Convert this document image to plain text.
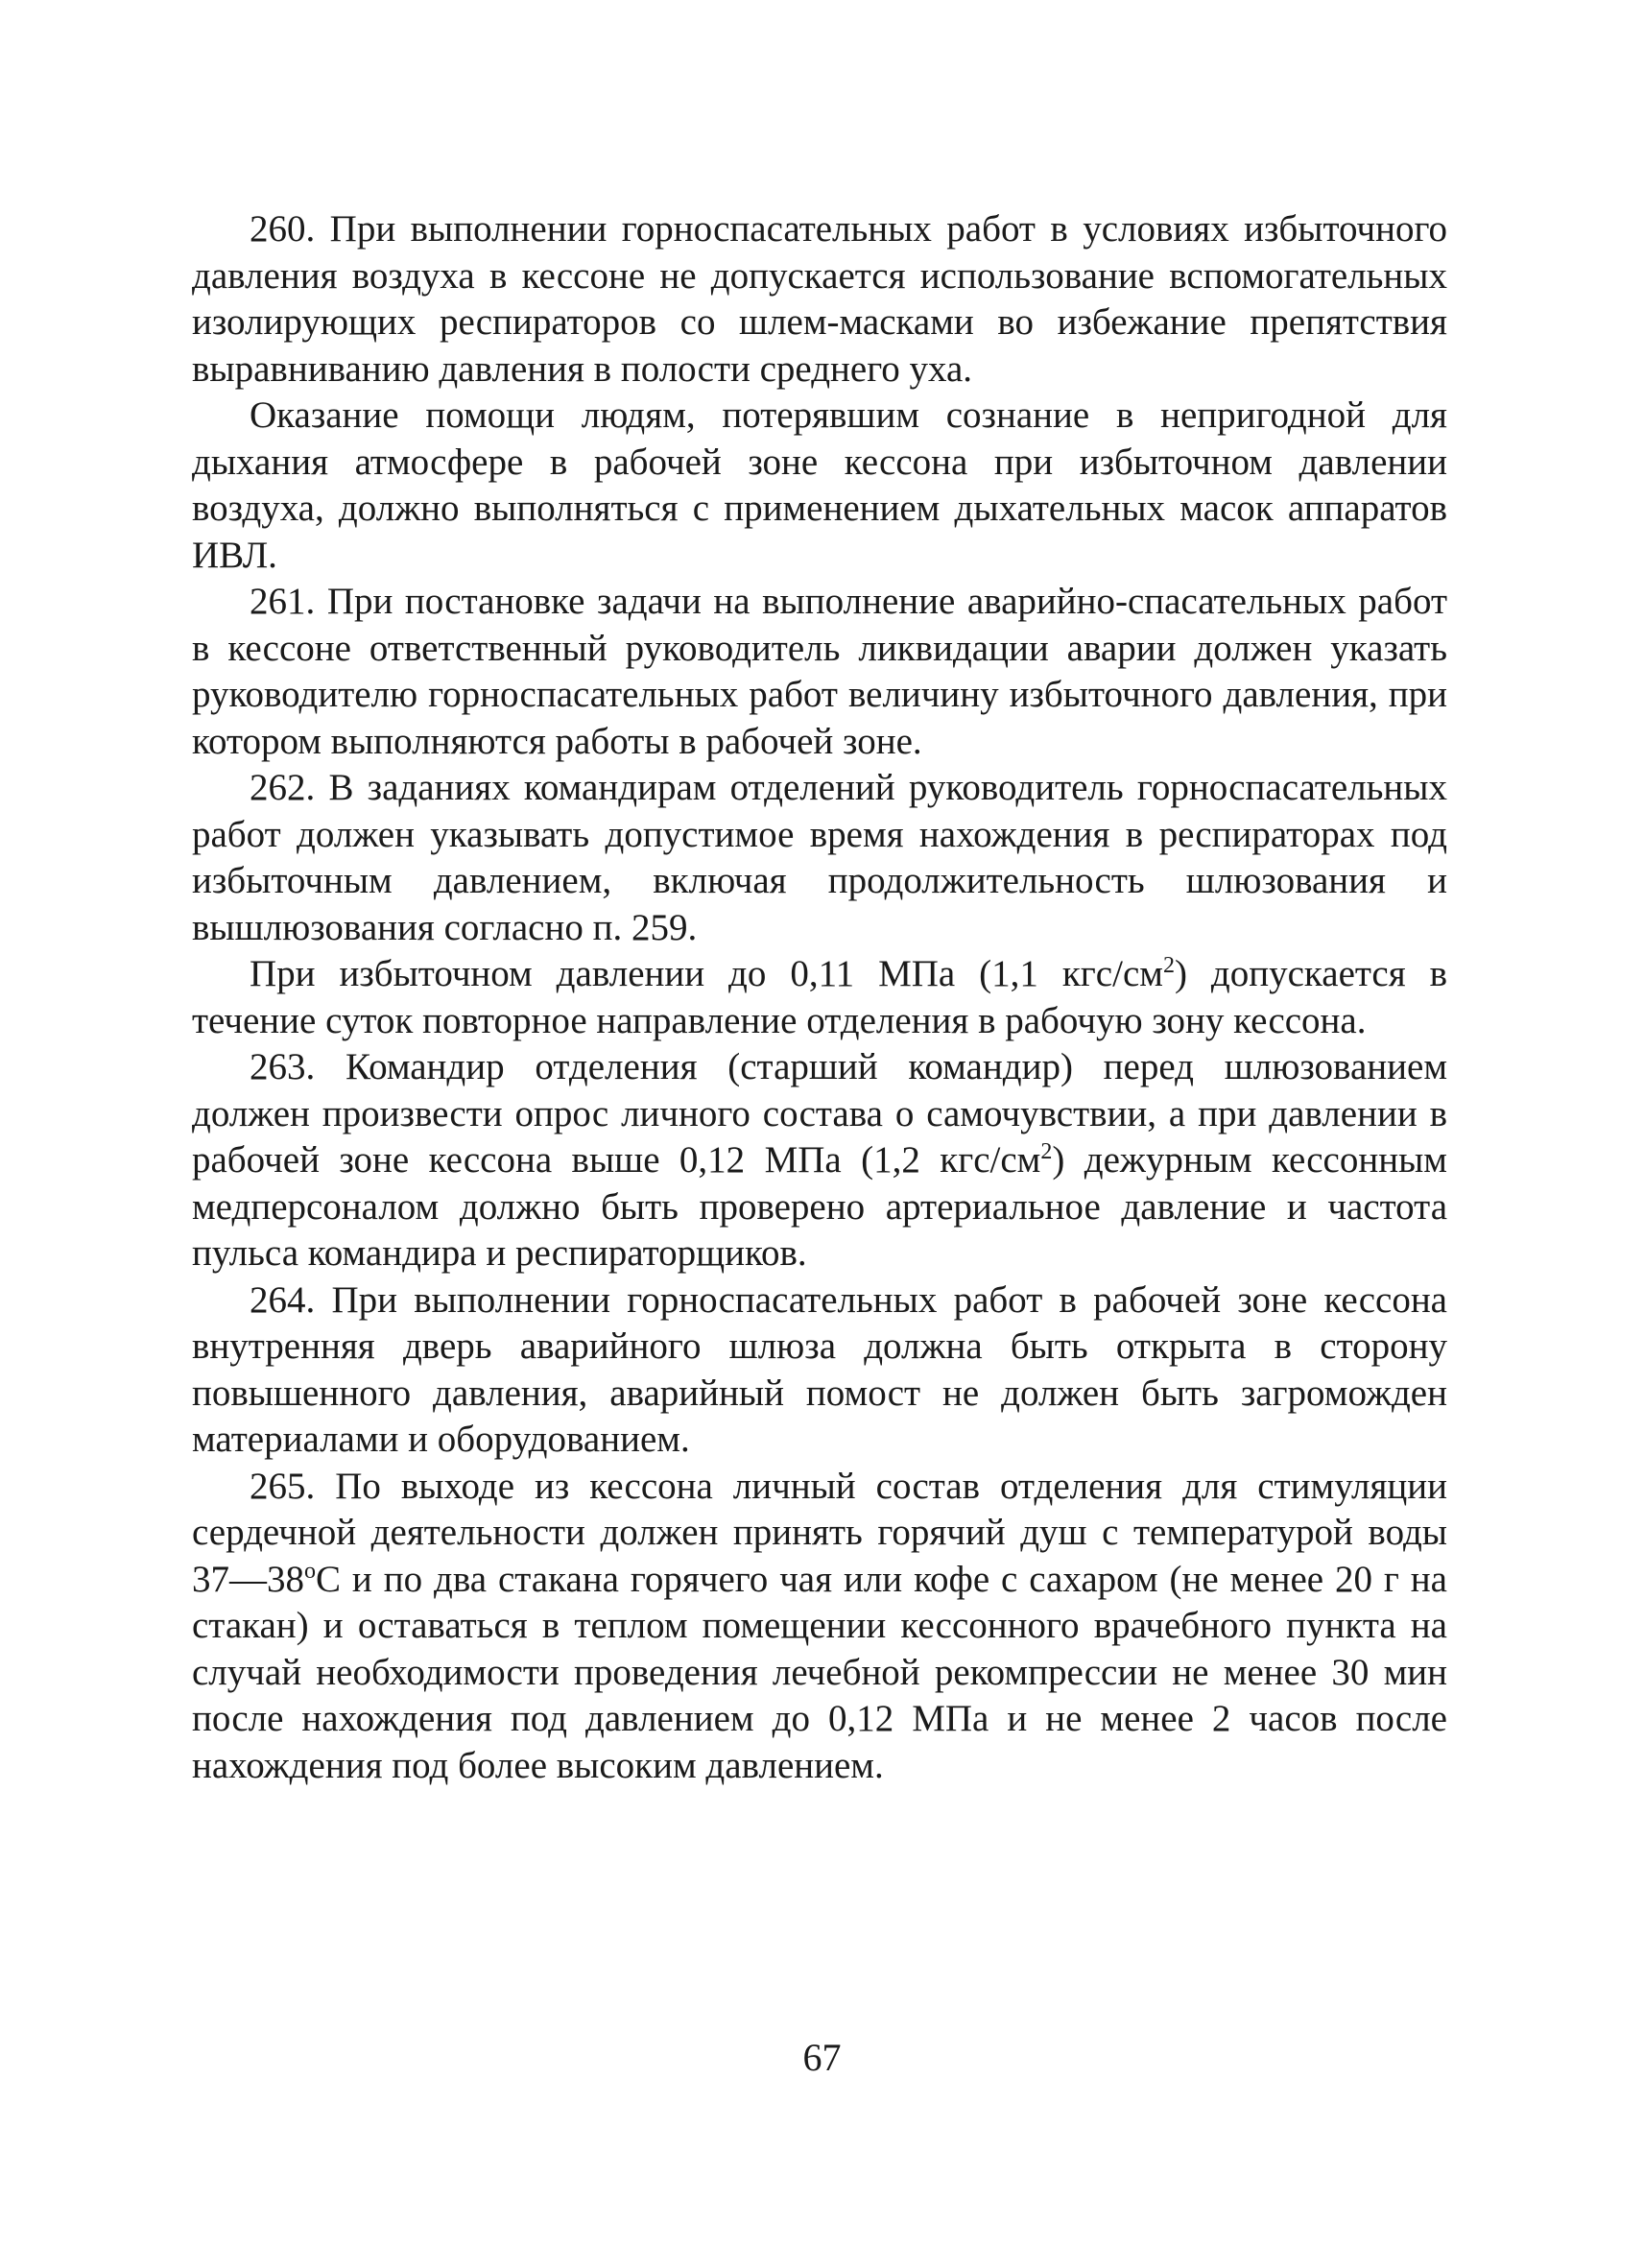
260. При выполнении горноспасательных работ в условиях избыточного давления воздуха в кессоне не допускается использование вспомогательных изолирующих респираторов со шлем-масками во избежание препятствия выравниванию давления в полости среднего уха.

Оказание помощи людям, потерявшим сознание в непригодной для дыхания атмосфере в рабочей зоне кессона при избыточном давлении воздуха, должно выполняться с применением дыхательных масок аппаратов ИВЛ.

261. При постановке задачи на выполнение аварийно-спасательных работ в кессоне ответственный руководитель ликвидации аварии должен указать руководителю горноспасательных работ величину избыточного давления, при котором выполняются работы в рабочей зоне.

262. В заданиях командирам отделений руководитель горноспасательных работ должен указывать допустимое время нахождения в респираторах под избыточным давлением, включая продолжительность шлюзования и вышлюзования согласно п. 259.

При избыточном давлении до 0,11 МПа (1,1 кгс/$см^2$) допускается в течение суток повторное направление отделения в рабочую зону кессона.

263. Командир отделения (старший командир) перед шлюзованием должен произвести опрос личного состава о самочувствии, а при давлении в рабочей зоне кессона выше 0,12 МПа (1,2 кгс/$см^2$) дежурным кессонным медперсоналом должно быть проверено артериальное давление и частота пульса командира и респираторщиков.

264. При выполнении горноспасательных работ в рабочей зоне кессона внутренняя дверь аварийного шлюза должна быть открыта в сторону повышенного давления, аварийный помост не должен быть загроможден материалами и оборудованием.

265. По выходе из кессона личный состав отделения для стимуляции сердечной деятельности должен принять горячий душ с температурой воды $37—38^оС$ и по два стакана горячего чая или кофе с сахаром (не менее 20 г на стакан) и оставаться в теплом помещении кессонного врачебного пункта на случай необходимости проведения лечебной рекомпрессии не менее 30 мин после нахождения под давлением до 0,12 МПа и не менее 2 часов после нахождения под более высоким давлением.

67
